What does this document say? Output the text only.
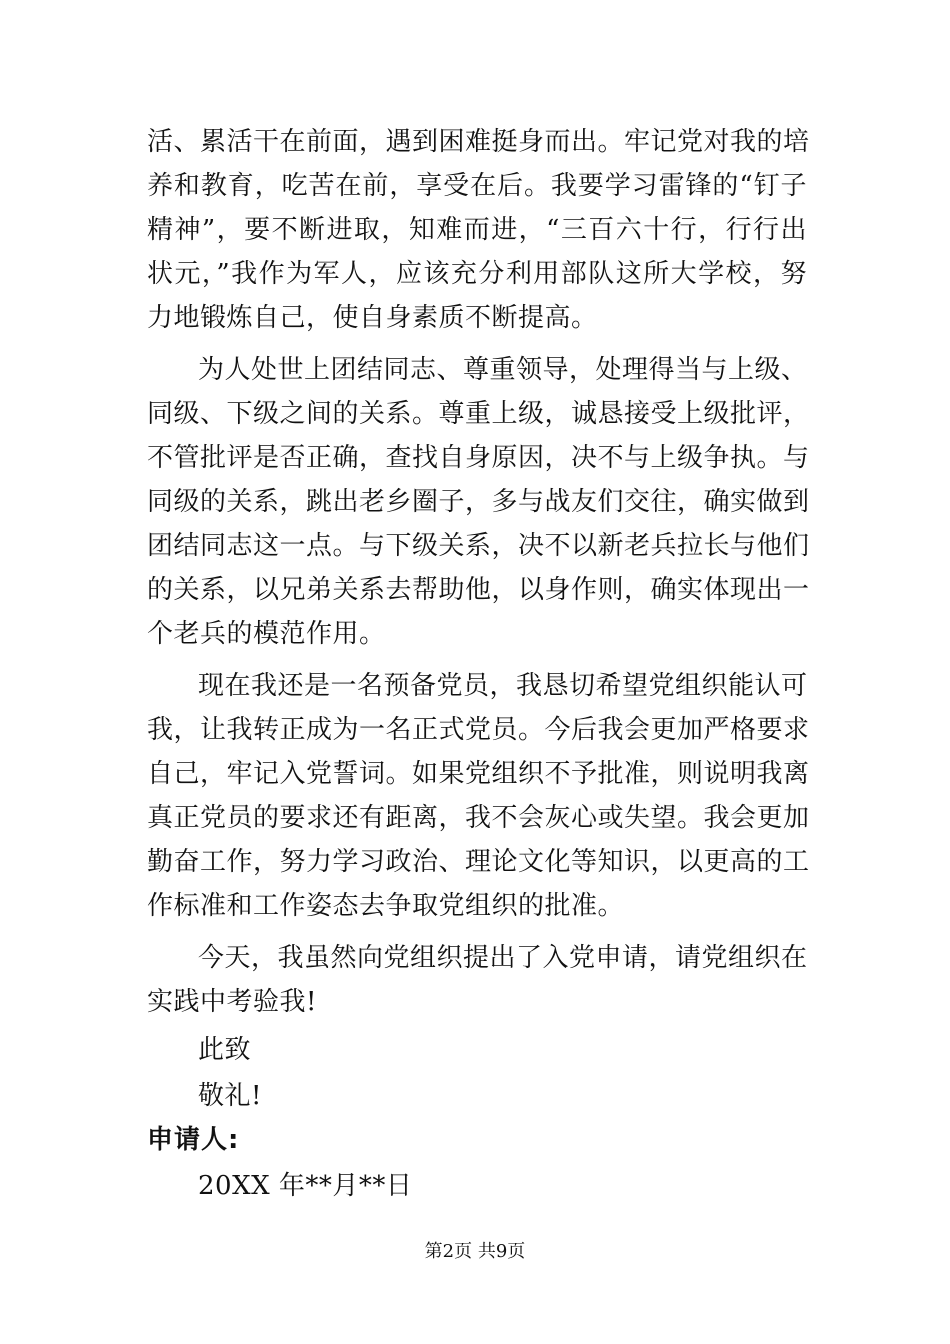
活、累活干在前面，遇到困难挺身而出。牢记党对我的培
养和教育，吃苦在前，享受在后。我要学习雷锋的“钉子
精神”，要不断进取，知难而进，“三百六十行，行行出
状元，”我作为军人，应该充分利用部队这所大学校，努
力地锻炼自己，使自身素质不断提高。
为人处世上团结同志、尊重领导，处理得当与上级、
同级、下级之间的关系。尊重上级，诚恳接受上级批评，
不管批评是否正确，查找自身原因，决不与上级争执。与
同级的关系，跳出老乡圈子，多与战友们交往，确实做到
团结同志这一点。与下级关系，决不以新老兵拉长与他们
的关系，以兄弟关系去帮助他，以身作则，确实体现出一
个老兵的模范作用。
现在我还是一名预备党员，我恳切希望党组织能认可
我，让我转正成为一名正式党员。今后我会更加严格要求
自己，牢记入党誓词。如果党组织不予批准，则说明我离
真正党员的要求还有距离，我不会灰心或失望。我会更加
勤奋工作，努力学习政治、理论文化等知识，以更高的工
作标准和工作姿态去争取党组织的批准。
今天，我虽然向党组织提出了入党申请，请党组织在
实践中考验我!
此致
敬礼!
申请人:
20XX 年**月**日
第2页 共9页
